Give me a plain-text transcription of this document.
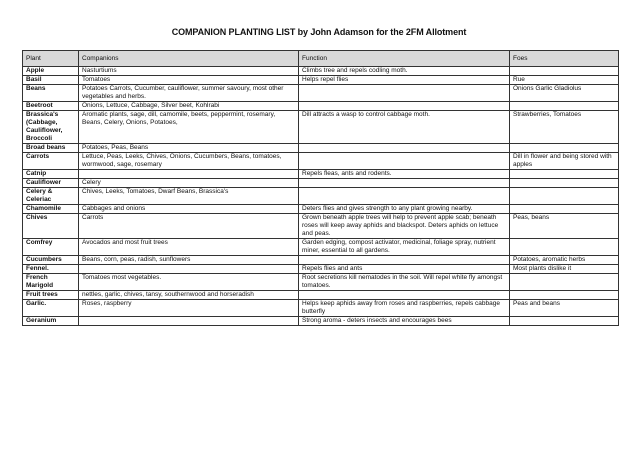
COMPANION PLANTING LIST by John Adamson for the 2FM Allotment
Plant	Companions	Function	Foes
Apple	Nasturtiums	Climbs tree and repels codling moth.	
Basil	Tomatoes	Helps repel flies	Rue
Beans	Potatoes Carrots, Cucumber, cauliflower, summer savoury, most other vegetables and herbs.		Onions Garlic Gladiolus
Beetroot	Onions, Lettuce, Cabbage, Silver beet, Kohlrabi		
Brassica's (Cabbage, Cauliflower, Broccoli	Aromatic plants, sage, dill, camomile, beets, peppermint, rosemary, Beans, Celery, Onions, Potatoes,	Dill attracts a wasp to control cabbage moth.	Strawberries, Tomatoes
Broad beans	Potatoes, Peas, Beans		
Carrots	Lettuce, Peas, Leeks, Chives, Onions, Cucumbers, Beans, tomatoes, wormwood, sage, rosemary		Dill in flower and being stored with apples
Catnip		Repels fleas, ants and rodents.	
Cauliflower	Celery		
Celery & Celeriac	Chives, Leeks, Tomatoes, Dwarf Beans, Brassica's		
Chamomile	Cabbages and onions	Deters flies and gives strength to any plant growing nearby.	
Chives	Carrots	Grown beneath apple trees will help to prevent apple scab; beneath roses will keep away aphids and blackspot. Deters aphids on lettuce and peas.	Peas, beans
Comfrey	Avocados and most fruit trees	Garden edging, compost activator, medicinal, foliage spray, nutrient miner, essential to all gardens.	
Cucumbers	Beans, corn, peas, radish, sunflowers		Potatoes, aromatic herbs
Fennel.		Repels flies and ants	Most plants dislike it
French Marigold	Tomatoes most vegetables.	Root secretions kill nematodes in the soil. Will repel white fly amongst tomatoes.	
Fruit trees	nettles, garlic, chives, tansy, southernwood and horseradish		
Garlic.	Roses, raspberry	Helps keep aphids away from roses and raspberries, repels cabbage butterfly	Peas and beans
Geranium		Strong aroma - deters insects and encourages bees	
